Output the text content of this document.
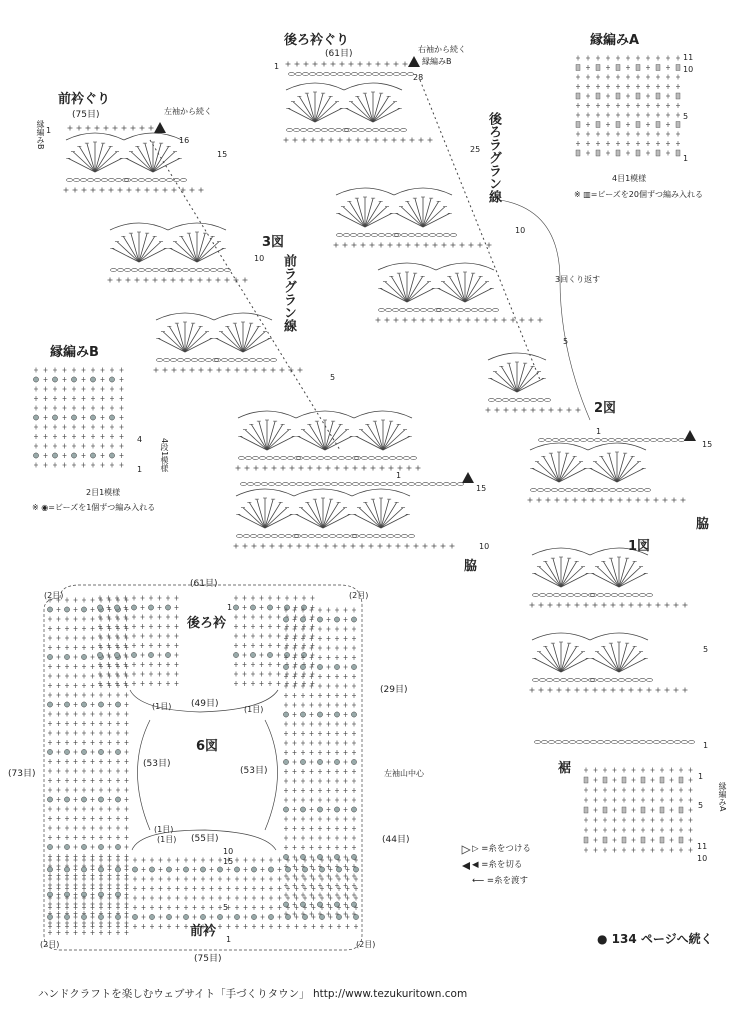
後ろ衿ぐり
(61目)	右袖から続く
縁編みB
前衿ぐり
(75目)	左袖から続く
縁編みB	後ろラグラン線
前ラグラン線
3図
2図
1図
6図
3回くり返す
脇
脇
裾
縁編みA
後ろ衿
前衿
左袖山中心
縁編みA
4目1模様
※ ▥=ビーズを20個ずつ編み入れる
11
10
5
1
縁編みB
4段1模様
2目1模様
※ ◉=ビーズを1個ずつ編み入れる
4
1
28
1
25
16
15
1
10
5
1
15
10
5
1
15
10
5
1
11
10
5
1
(61目)
(75目)
(73目)
(29目)
(44目)
(49目)
(55目)
(53目)
(53目)
(2目)	(2目)
(2目)	(2目)
(1目)	(1目)
(1目)
(1目)
1
15
10
5
1
▷ =糸をつける
◀ =糸を切る
⟵ =糸を渡す
● 134 ページへ続く
ハンドクラフトを楽しむウェブサイト「手づくりタウン」 http://www.tezukuritown.com
